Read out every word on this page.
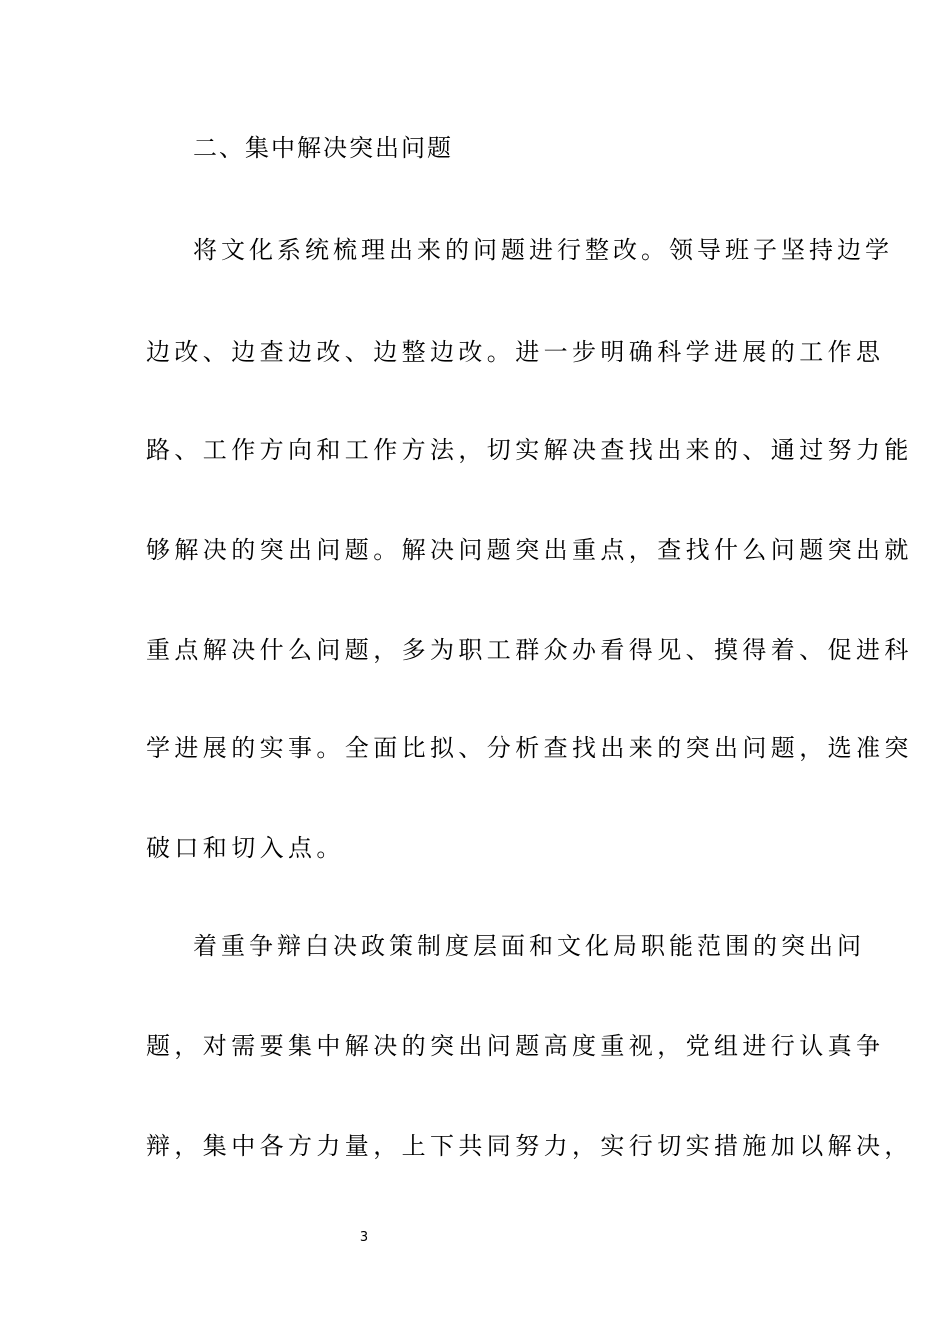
二、集中解决突出问题
将文化系统梳理出来的问题进行整改。领导班子坚持边学
边改、边查边改、边整边改。进一步明确科学进展的工作思
路、工作方向和工作方法，切实解决查找出来的、通过努力能
够解决的突出问题。解决问题突出重点，查找什么问题突出就
重点解决什么问题，多为职工群众办看得见、摸得着、促进科
学进展的实事。全面比拟、分析查找出来的突出问题，选准突
破口和切入点。
着重争辩白决政策制度层面和文化局职能范围的突出问
题，对需要集中解决的突出问题高度重视，党组进行认真争
辩，集中各方力量，上下共同努力，实行切实措施加以解决，
3
